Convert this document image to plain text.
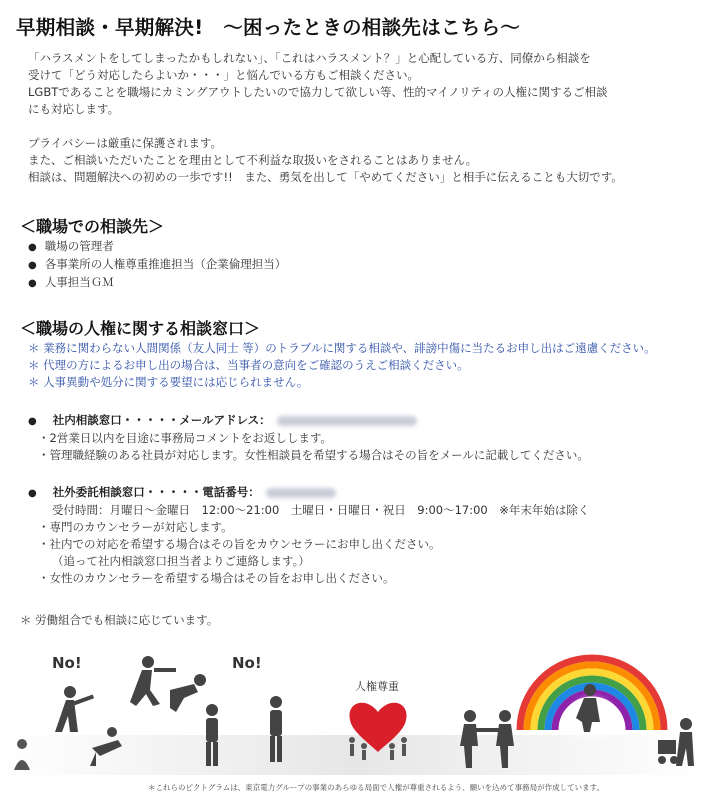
早期相談・早期解決!　～困ったときの相談先はこちら～

「ハラスメントをしてしまったかもしれない」、「これはハラスメント？」と心配している方、同僚から相談を

受けて「どう対応したらよいか・・・」と悩んでいる方もご相談ください。

LGBTであることを職場にカミングアウトしたいので協力して欲しい等、性的マイノリティの人権に関するご相談

にも対応します。

プライバシーは厳重に保護されます。

また、ご相談いただいたことを理由として不利益な取扱いをされることはありません。

相談は、問題解決への初めの一歩です!!　また、勇気を出して「やめてください」と相手に伝えることも大切です。

＜職場での相談先＞
● 職場の管理者
● 各事業所の人権尊重推進担当（企業倫理担当）
● 人事担当ＧＭ
＜職場の人権に関する相談窓口＞
＊ 業務に関わらない人間関係（友人同士 等）のトラブルに関する相談や、誹謗中傷に当たるお申し出はご遠慮ください。
＊ 代理の方によるお申し出の場合は、当事者の意向をご確認のうえご相談ください。
＊ 人事異動や処分に関する要望には応じられません。
● 社内相談窓口・・・・・メールアドレス：
・2営業日以内を目途に事務局コメントをお返しします。
・管理職経験のある社員が対応します。女性相談員を希望する場合はその旨をメールに記載してください。
● 社外委託相談窓口・・・・・電話番号：
受付時間：月曜日～金曜日　12:00～21:00　土曜日・日曜日・祝日　9:00～17:00　※年末年始は除く
・専門のカウンセラーが対応します。
・社内での対応を希望する場合はその旨をカウンセラーにお申し出ください。
（追って社内相談窓口担当者よりご連絡します。）
・女性のカウンセラーを希望する場合はその旨をお申し出ください。
＊ 労働組合でも相談に応じています。
No!	No!
人権尊重
＊これらのピクトグラムは、東京電力グループの事業のあらゆる局面で人権が尊重されるよう、願いを込めて事務局が作成しています。
